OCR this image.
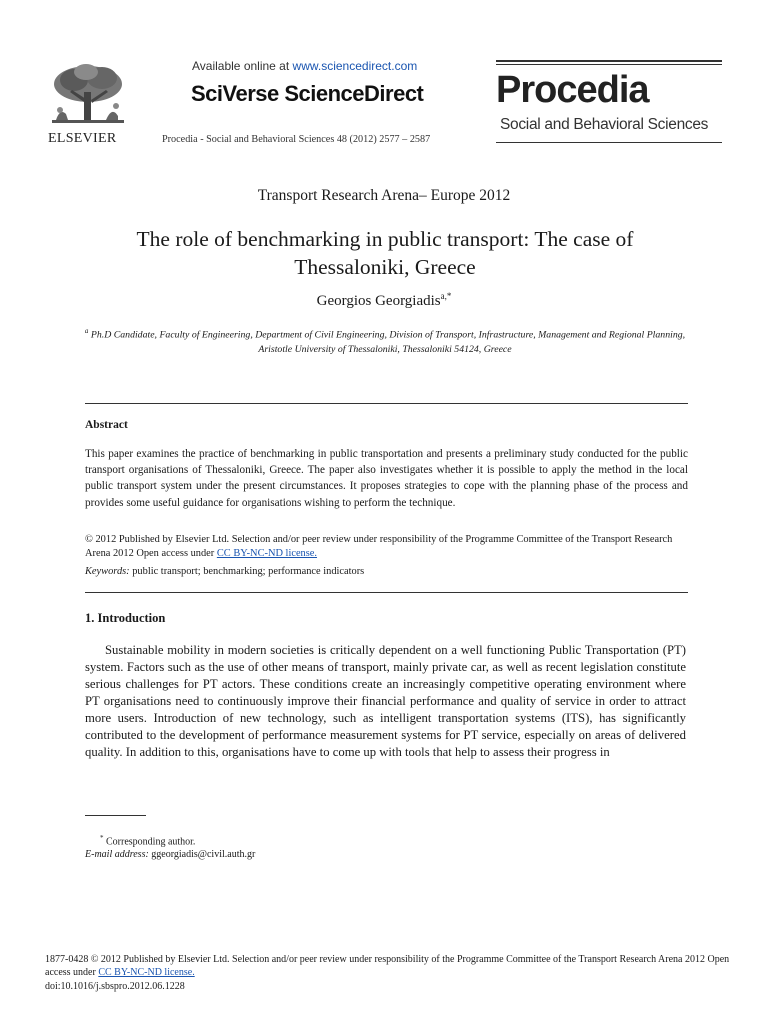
ELSEVIER
Available online at www.sciencedirect.com
SciVerse ScienceDirect
Procedia - Social and Behavioral Sciences 48 (2012) 2577 – 2587
Procedia
Social and Behavioral Sciences
Transport Research Arena– Europe 2012
The role of benchmarking in public transport: The case of Thessaloniki, Greece
Georgios Georgiadis$^{a,*}$
$^a$ Ph.D Candidate, Faculty of Engineering, Department of Civil Engineering, Division of Transport, Infrastructure, Management and Regional Planning, Aristotle University of Thessaloniki, Thessaloniki 54124, Greece
Abstract
This paper examines the practice of benchmarking in public transportation and presents a preliminary study conducted for the public transport organisations of Thessaloniki, Greece. The paper also investigates whether it is possible to apply the method in the local public transport system under the present circumstances. It proposes strategies to cope with the planning phase of the process and provides some useful guidance for organisations wishing to perform the technique.
© 2012 Published by Elsevier Ltd. Selection and/or peer review under responsibility of the Programme Committee of the Transport Research Arena 2012 Open access under CC BY-NC-ND license.
Keywords: public transport; benchmarking; performance indicators
1. Introduction
Sustainable mobility in modern societies is critically dependent on a well functioning Public Transportation (PT) system. Factors such as the use of other means of transport, mainly private car, as well as recent legislation constitute serious challenges for PT actors. These conditions create an increasingly competitive operating environment where PT organisations need to continuously improve their financial performance and quality of service in order to attract more users. Introduction of new technology, such as intelligent transportation systems (ITS), has significantly contributed to the development of performance measurement systems for PT service, especially on areas of delivered quality. In addition to this, organisations have to come up with tools that help to assess their progress in
* Corresponding author.
E-mail address: ggeorgiadis@civil.auth.gr
1877-0428 © 2012 Published by Elsevier Ltd. Selection and/or peer review under responsibility of the Programme Committee of the Transport Research Arena 2012 Open access under CC BY-NC-ND license.
doi:10.1016/j.sbspro.2012.06.1228
